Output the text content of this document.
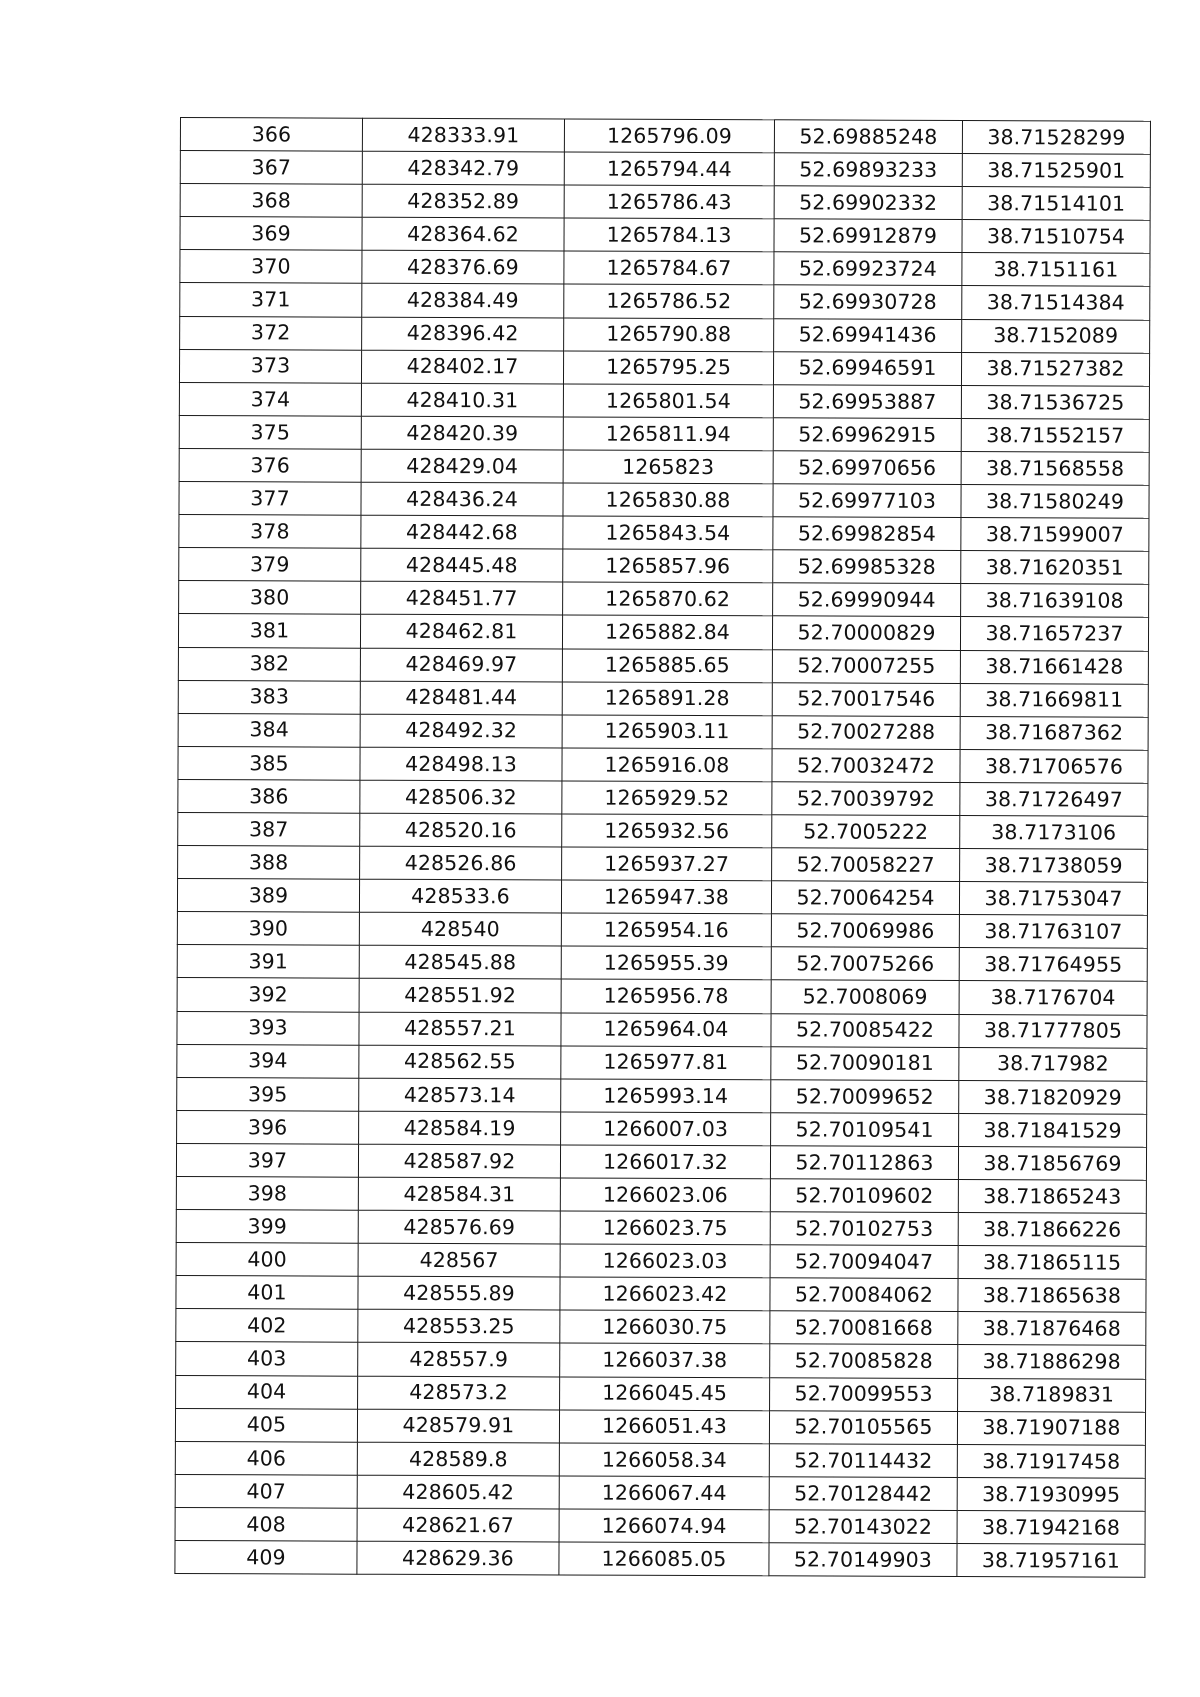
366	428333.91	1265796.09	52.69885248	38.71528299
367	428342.79	1265794.44	52.69893233	38.71525901
368	428352.89	1265786.43	52.69902332	38.71514101
369	428364.62	1265784.13	52.69912879	38.71510754
370	428376.69	1265784.67	52.69923724	38.7151161
371	428384.49	1265786.52	52.69930728	38.71514384
372	428396.42	1265790.88	52.69941436	38.7152089
373	428402.17	1265795.25	52.69946591	38.71527382
374	428410.31	1265801.54	52.69953887	38.71536725
375	428420.39	1265811.94	52.69962915	38.71552157
376	428429.04	1265823	52.69970656	38.71568558
377	428436.24	1265830.88	52.69977103	38.71580249
378	428442.68	1265843.54	52.69982854	38.71599007
379	428445.48	1265857.96	52.69985328	38.71620351
380	428451.77	1265870.62	52.69990944	38.71639108
381	428462.81	1265882.84	52.70000829	38.71657237
382	428469.97	1265885.65	52.70007255	38.71661428
383	428481.44	1265891.28	52.70017546	38.71669811
384	428492.32	1265903.11	52.70027288	38.71687362
385	428498.13	1265916.08	52.70032472	38.71706576
386	428506.32	1265929.52	52.70039792	38.71726497
387	428520.16	1265932.56	52.7005222	38.7173106
388	428526.86	1265937.27	52.70058227	38.71738059
389	428533.6	1265947.38	52.70064254	38.71753047
390	428540	1265954.16	52.70069986	38.71763107
391	428545.88	1265955.39	52.70075266	38.71764955
392	428551.92	1265956.78	52.7008069	38.7176704
393	428557.21	1265964.04	52.70085422	38.71777805
394	428562.55	1265977.81	52.70090181	38.717982
395	428573.14	1265993.14	52.70099652	38.71820929
396	428584.19	1266007.03	52.70109541	38.71841529
397	428587.92	1266017.32	52.70112863	38.71856769
398	428584.31	1266023.06	52.70109602	38.71865243
399	428576.69	1266023.75	52.70102753	38.71866226
400	428567	1266023.03	52.70094047	38.71865115
401	428555.89	1266023.42	52.70084062	38.71865638
402	428553.25	1266030.75	52.70081668	38.71876468
403	428557.9	1266037.38	52.70085828	38.71886298
404	428573.2	1266045.45	52.70099553	38.7189831
405	428579.91	1266051.43	52.70105565	38.71907188
406	428589.8	1266058.34	52.70114432	38.71917458
407	428605.42	1266067.44	52.70128442	38.71930995
408	428621.67	1266074.94	52.70143022	38.71942168
409	428629.36	1266085.05	52.70149903	38.71957161
